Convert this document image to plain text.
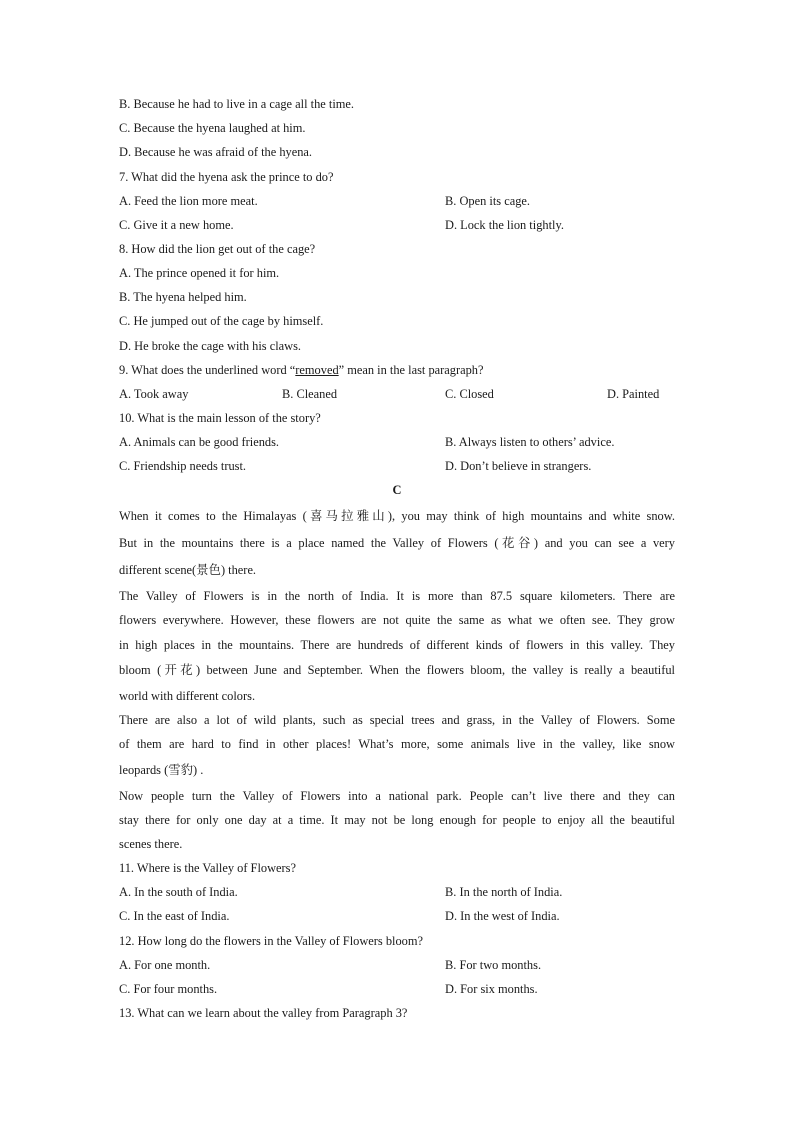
B. Because he had to live in a cage all the time.
C. Because the hyena laughed at him.
D. Because he was afraid of the hyena.
7. What did the hyena ask the prince to do?
A. Feed the lion more meat.	B. Open its cage.
C. Give it a new home.	D. Lock the lion tightly.
8. How did the lion get out of the cage?
A. The prince opened it for him.
B. The hyena helped him.
C. He jumped out of the cage by himself.
D. He broke the cage with his claws.
9. What does the underlined word “removed” mean in the last paragraph?
A. Took away	B. Cleaned	C. Closed	D. Painted
10. What is the main lesson of the story?
A. Animals can be good friends.	B. Always listen to others’ advice.
C. Friendship needs trust.	D. Don’t believe in strangers.
C
When it comes to the Himalayas (喜马拉雅山), you may think of high mountains and white snow.
But in the mountains there is a place named the Valley of Flowers (花谷) and you can see a very
different scene(景色) there.
The Valley of Flowers is in the north of India. It is more than 87.5 square kilometers. There are
flowers everywhere. However, these flowers are not quite the same as what we often see. They grow
in high places in the mountains. There are hundreds of different kinds of flowers in this valley. They
bloom (开花) between June and September. When the flowers bloom, the valley is really a beautiful
world with different colors.
There are also a lot of wild plants, such as special trees and grass, in the Valley of Flowers. Some
of them are hard to find in other places! What’s more, some animals live in the valley, like snow
leopards (雪豹) .
Now people turn the Valley of Flowers into a national park. People can’t live there and they can
stay there for only one day at a time. It may not be long enough for people to enjoy all the beautiful
scenes there.
11. Where is the Valley of Flowers?
A. In the south of India.	B. In the north of India.
C. In the east of India.	D. In the west of India.
12. How long do the flowers in the Valley of Flowers bloom?
A. For one month.	B. For two months.
C. For four months.	D. For six months.
13. What can we learn about the valley from Paragraph 3?
